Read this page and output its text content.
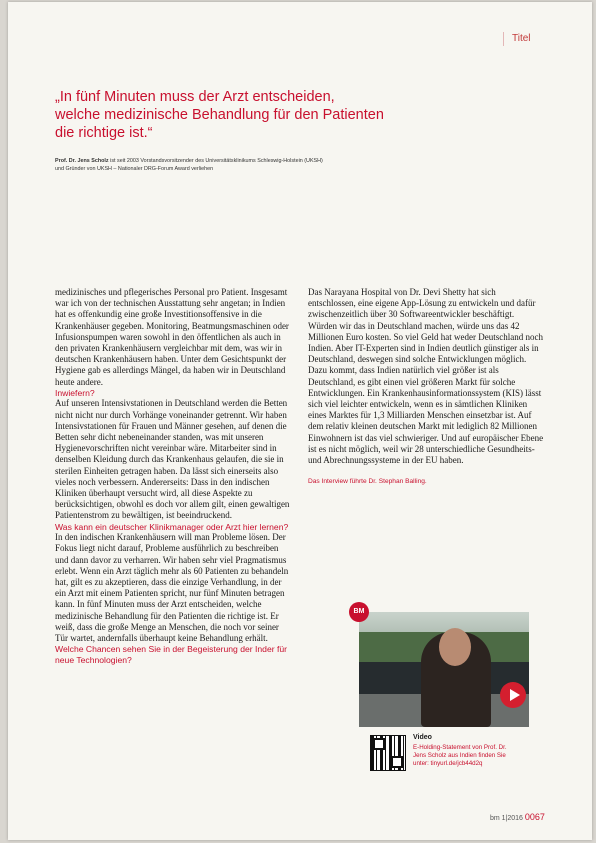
Titel
„In fünf Minuten muss der Arzt entscheiden,
welche medizinische Behandlung für den Patienten
die richtige ist.“
Prof. Dr. Jens Scholz ist seit 2003 Vorstandsvorsitzender des Universitätsklinikums Schleswig-Holstein (UKSH)
und Gründer von UKSH – Nationaler DRG-Forum Award verliehen

medizinisches und pflegerisches Personal pro Patient. Insgesamt war ich von der technischen Ausstattung sehr angetan; in Indien hat es offenkundig eine große Investitionsoffensive in die Krankenhäuser gegeben. Monitoring, Beatmungsmaschinen oder Infusionspumpen waren sowohl in den öffentlichen als auch in den privaten Krankenhäusern vergleichbar mit dem, was wir in deutschen Krankenhäusern haben. Unter dem Gesichtspunkt der Hygiene gab es allerdings Mängel, da haben wir in Deutschland heute andere.

Inwiefern?

Auf unseren Intensivstationen in Deutschland werden die Betten nicht nicht nur durch Vorhänge voneinander getrennt. Wir haben Intensivstationen für Frauen und Männer gesehen, auf denen die Betten sehr dicht nebeneinander standen, was mit unseren Hygienevorschriften nicht vereinbar wäre. Mitarbeiter sind in denselben Kleidung durch das Krankenhaus gelaufen, die sie in sterilen Einheiten getragen haben. Da lässt sich einerseits also vieles noch verbessern. Andererseits: Dass in den indischen Kliniken überhaupt versucht wird, all diese Aspekte zu berücksichtigen, obwohl es doch vor allem gilt, einen gewaltigen Patientenstrom zu bewältigen, ist beeindruckend.

Was kann ein deutscher Klinikmanager oder Arzt hier lernen?

In den indischen Krankenhäusern will man Probleme lösen. Der Fokus liegt nicht darauf, Probleme ausführlich zu beschreiben und dann davor zu verharren. Wir haben sehr viel Pragmatismus erlebt. Wenn ein Arzt täglich mehr als 60 Patienten zu behandeln hat, gilt es zu akzeptieren, dass die einzige Verhandlung, in der ein Arzt mit einem Patienten spricht, nur fünf Minuten betragen kann. In fünf Minuten muss der Arzt entscheiden, welche medizinische Behandlung für den Patienten die richtige ist. Er weiß, dass die große Menge an Menschen, die noch vor seiner Tür wartet, andernfalls überhaupt keine Behandlung erhält.

Welche Chancen sehen Sie in der Begeisterung der Inder für neue Technologien?

Das Narayana Hospital von Dr. Devi Shetty hat sich entschlossen, eine eigene App-Lösung zu entwickeln und dafür zwischenzeitlich über 30 Softwareentwickler beschäftigt. Würden wir das in Deutschland machen, würde uns das 42 Millionen Euro kosten. So viel Geld hat weder Deutschland noch Indien. Aber IT-Experten sind in Indien deutlich günstiger als in Deutschland, deswegen sind solche Entwicklungen möglich. Dazu kommt, dass Indien natürlich viel größer ist als Deutschland, es gibt einen viel größeren Markt für solche Entwicklungen. Ein Krankenhausinformationssystem (KIS) lässt sich viel leichter entwickeln, wenn es in sämtlichen Kliniken eines Marktes für 1,3 Milliarden Menschen einsetzbar ist. Auf dem relativ kleinen deutschen Markt mit lediglich 82 Millionen Einwohnern ist das viel schwieriger. Und auf europäischer Ebene ist es nicht möglich, weil wir 28 unterschiedliche Gesundheits- und Abrechnungssysteme in der EU haben.

Das Interview führte Dr. Stephan Balling.

BM
Video
E-Holding-Statement von Prof. Dr.
Jens Scholz aus Indien finden Sie
unter: tinyurl.de/jcb44d2q
bm 1|2016 0067
